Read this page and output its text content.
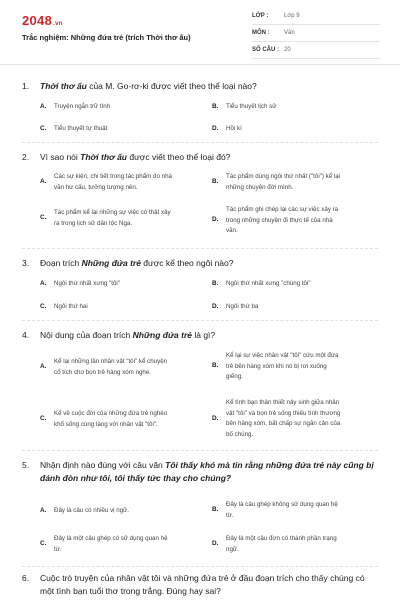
2048.vn
Trắc nghiệm: Những đứa trẻ (trích Thời thơ ấu)
LỚP :	Lớp 9
MÔN : Văn
SỐ CÂU : 20
1. Thời thơ ấu của M. Go-rơ-ki được viết theo thể loại nào?
A. Truyện ngắn trữ tình	B. Tiểu thuyết lịch sử
C. Tiểu thuyết tự thuật	D. Hồi kí
2. Vì sao nói Thời thơ ấu được viết theo thể loại đó?
A.
Các sự kiện, chi tiết trong tác phẩm do nhà
văn hư cấu, tưởng tượng nên.
B.
Tác phẩm dùng ngôi thứ nhất ("tôi") kể lại
những chuyện đời mình.
C.
Tác phẩm kể lại những sự việc có thật xảy
ra trong lịch sử dân tộc Nga.	D.
Tác phẩm ghi chép lại các sự việc xảy ra
trong những chuyện đi thực tế của nhà
văn.
3. Đoạn trích Những đứa trẻ được kể theo ngôi nào?
A. Ngôi thứ nhất xưng "tôi"	B. Ngôi thứ nhất xưng "chúng tôi"
C. Ngôi thứ hai	D. Ngôi thứ ba
4. Nội dung của đoạn trích Những đứa trẻ là gì?
A.
Kể lại những lần nhân vật "tôi" kể chuyện
cổ tích cho bọn trẻ hàng xóm nghe.
B.
Kể lại sự việc nhân vật "tôi" cứu một đứa
trẻ bên hàng xóm khi nó bị rơi xuống
giếng.
C.
Kể về cuộc đời của những đứa trẻ nghèo
khổ sống cùng làng với nhân vật "tôi".
D.
Kể tình bạn thân thiết nảy sinh giữa nhân
vật "tôi" và bọn trẻ sống thiếu tình thương
bên hàng xóm, bất chấp sự ngăn cản của
bố chúng.
5. Nhận định nào đúng với câu văn Tôi thấy khó mà tin rằng những đứa trẻ này cũng bị đánh đòn như tôi, tôi thấy tức thay cho chúng?
A. Đây là câu có nhiều vị ngữ.	B.
Đây là câu ghép không sử dụng quan hệ
từ.
C.
Đây là một câu ghép có sử dụng quan hệ
từ.
D.
Đây là một câu đơn có thành phần trạng
ngữ.
6. Cuộc trò truyện của nhân vật tôi và những đứa trẻ ở đầu đoạn trích cho thấy chúng có một tình bạn tuổi thơ trong trắng. Đúng hay sai?
